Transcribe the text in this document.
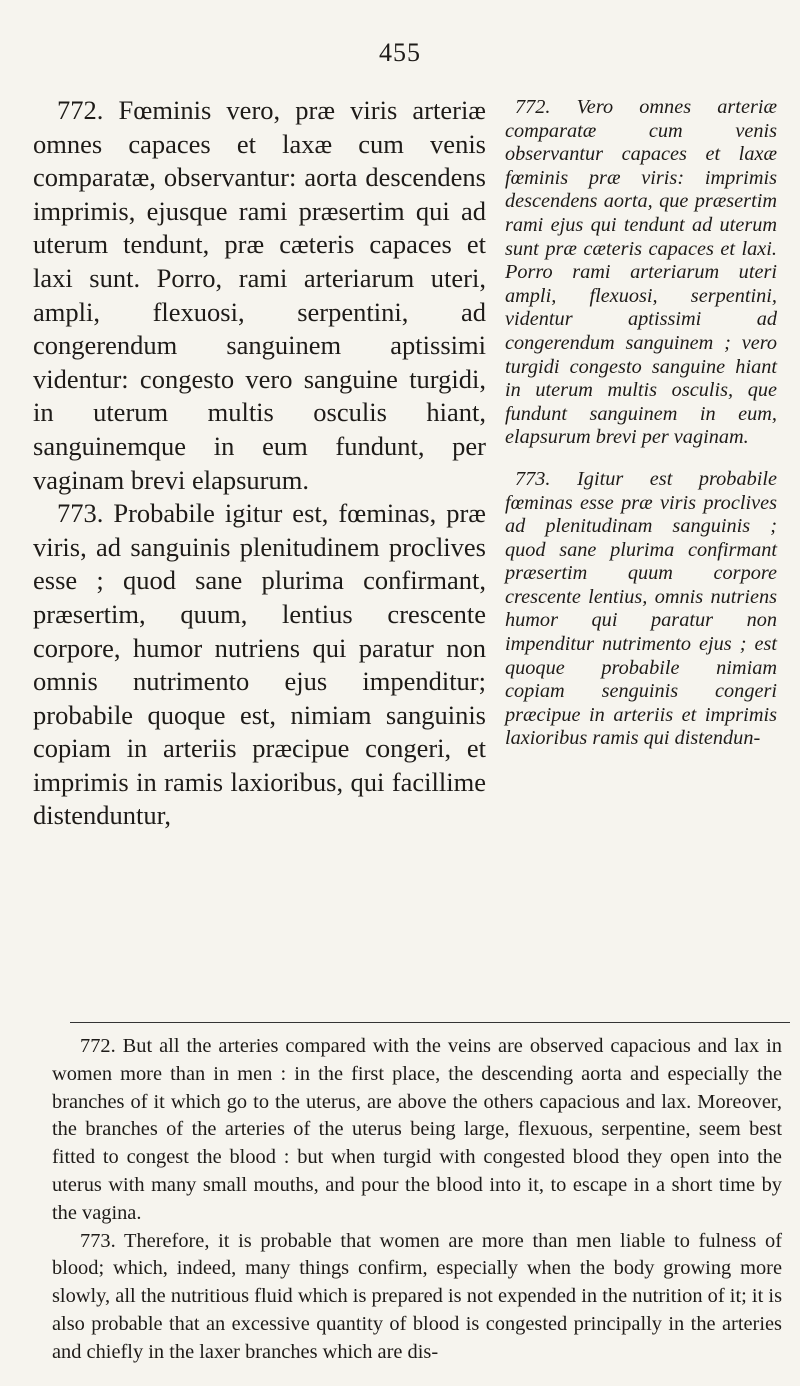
455

772. Fœminis vero, præ viris arteriæ omnes capaces et laxæ cum venis comparatæ, observantur: aorta descendens imprimis, ejusque rami præsertim qui ad uterum tendunt, præ cæteris capaces et laxi sunt. Porro, rami arteriarum uteri, ampli, flexuosi, serpentini, ad congerendum sanguinem aptissimi videntur: congesto vero sanguine turgidi, in uterum multis osculis hiant, sanguinemque in eum fundunt, per vaginam brevi elapsurum.

773. Probabile igitur est, fœminas, præ viris, ad sanguinis plenitudinem proclives esse ; quod sane plurima confirmant, præsertim, quum, lentius crescente corpore, humor nutriens qui paratur non omnis nutrimento ejus impenditur; probabile quoque est, nimiam sanguinis copiam in arteriis præcipue congeri, et imprimis in ramis laxioribus, qui facillime distenduntur,

772. Vero omnes arteriæ comparatæ cum venis observantur capaces et laxæ fœminis præ viris: imprimis descendens aorta, que præsertim rami ejus qui tendunt ad uterum sunt præ cæteris capaces et laxi. Porro rami arteriarum uteri ampli, flexuosi, serpentini, videntur aptissimi ad congerendum sanguinem ; vero turgidi congesto sanguine hiant in uterum multis osculis, que fundunt sanguinem in eum, elapsurum brevi per vaginam.

773. Igitur est probabile fœminas esse præ viris proclives ad plenitudinam sanguinis ; quod sane plurima confirmant præsertim quum corpore crescente lentius, omnis nutriens humor qui paratur non impenditur nutrimento ejus ; est quoque probabile nimiam copiam senguinis congeri præcipue in arteriis et imprimis laxioribus ramis qui distendun-

772. But all the arteries compared with the veins are observed capacious and lax in women more than in men : in the first place, the descending aorta and especially the branches of it which go to the uterus, are above the others capacious and lax. Moreover, the branches of the arteries of the uterus being large, flexuous, serpentine, seem best fitted to congest the blood : but when turgid with congested blood they open into the uterus with many small mouths, and pour the blood into it, to escape in a short time by the vagina.

773. Therefore, it is probable that women are more than men liable to fulness of blood; which, indeed, many things confirm, especially when the body growing more slowly, all the nutritious fluid which is prepared is not expended in the nutrition of it; it is also probable that an excessive quantity of blood is congested principally in the arteries and chiefly in the laxer branches which are dis-
